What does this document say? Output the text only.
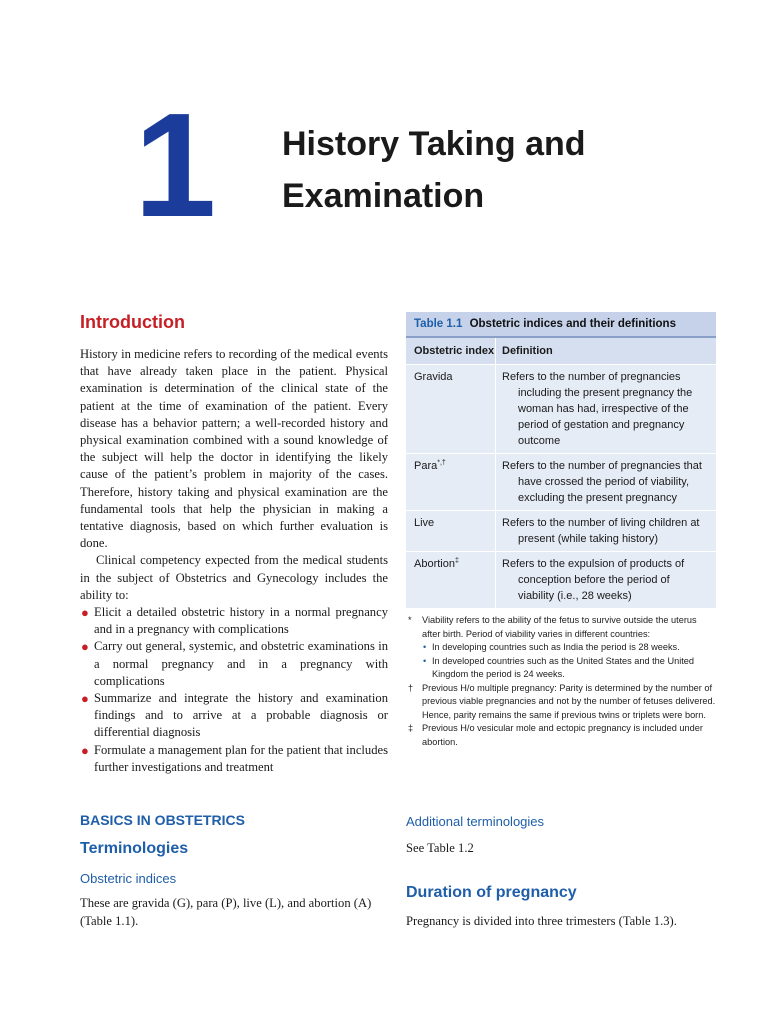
1 History Taking and
Examination
Introduction

History in medicine refers to recording of the medical events that have already taken place in the patient. Physical examination is determination of the clinical state of the patient at the time of examination of the patient. Every disease has a behavior pattern; a well-recorded history and physical examination combined with a sound knowledge of the subject will help the doctor in identifying the likely cause of the patient’s problem in majority of the cases. Therefore, history taking and physical examination are the fundamental tools that help the physician in making a tentative diagnosis, based on which further evaluation is done.

Clinical competency expected from the medical students in the subject of Obstetrics and Gynecology includes the ability to:

● Elicit a detailed obstetric history in a normal pregnancy and in a pregnancy with complications
● Carry out general, systemic, and obstetric examinations in a normal pregnancy and in a pregnancy with complications
● Summarize and integrate the history and examination findings and to arrive at a probable diagnosis or differential diagnosis
● Formulate a management plan for the patient that includes further investigations and treatment
BASICS IN OBSTETRICS
Terminologies
Obstetric indices

These are gravida (G), para (P), live (L), and abortion (A) (Table 1.1).

Table 1.1 Obstetric indices and their definitions
Obstetric index Definition
Gravida	Refers to the number of pregnancies including the present pregnancy the woman has had, irrespective of the period of gestation and pregnancy outcome
Para*,†	Refers to the number of pregnancies that have crossed the period of viability, excluding the present pregnancy
Live	Refers to the number of living children at present (while taking history)
Abortion‡	Refers to the expulsion of products of conception before the period of viability (i.e., 28 weeks)
* Viability refers to the ability of the fetus to survive outside the uterus after birth. Period of viability varies in different countries:
• In developing countries such as India the period is 28 weeks.
• In developed countries such as the United States and the United Kingdom the period is 24 weeks.
† Previous H/o multiple pregnancy: Parity is determined by the number of previous viable pregnancies and not by the number of fetuses delivered. Hence, parity remains the same if previous twins or triplets were born.
‡ Previous H/o vesicular mole and ectopic pregnancy is included under abortion.
Additional terminologies

See Table 1.2

Duration of pregnancy

Pregnancy is divided into three trimesters (Table 1.3).
